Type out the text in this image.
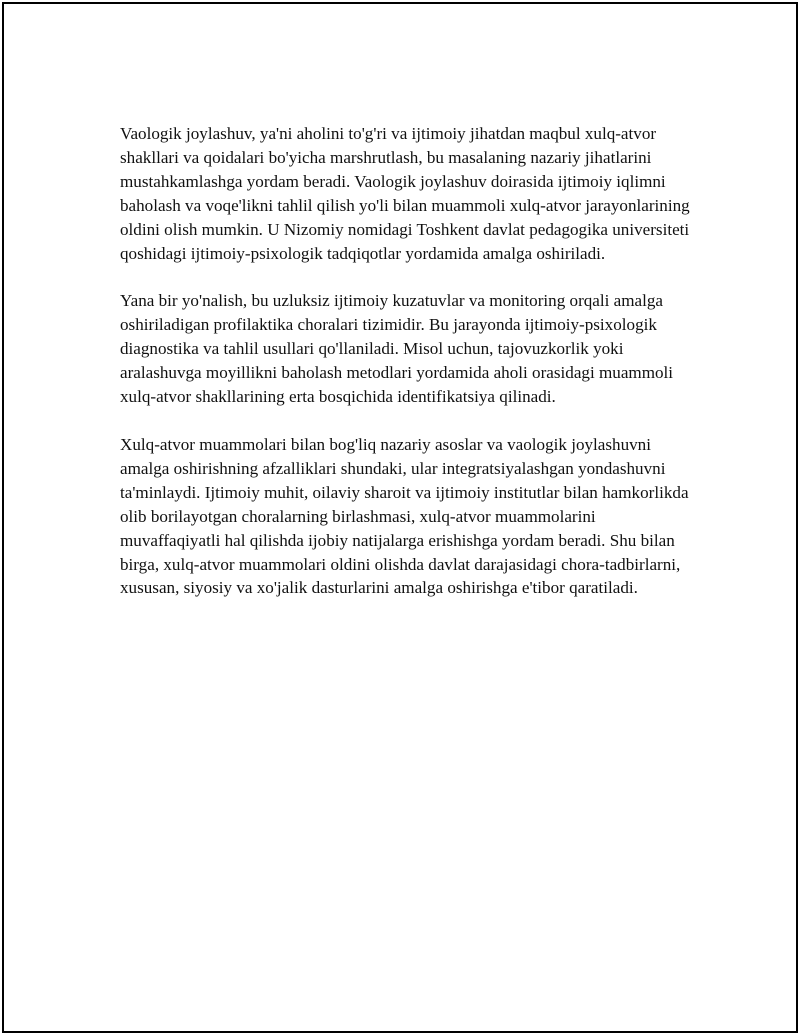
Vaologik joylashuv, ya'ni aholini to'g'ri va ijtimoiy jihatdan maqbul xulq-atvor shakllari va qoidalari bo'yicha marshrutlash, bu masalaning nazariy jihatlarini mustahkamlashga yordam beradi. Vaologik joylashuv doirasida ijtimoiy iqlimni baholash va voqe'likni tahlil qilish yo'li bilan muammoli xulq-atvor jarayonlarining oldini olish mumkin. U Nizomiy nomidagi Toshkent davlat pedagogika universiteti qoshidagi ijtimoiy-psixologik tadqiqotlar yordamida amalga oshiriladi.

Yana bir yo'nalish, bu uzluksiz ijtimoiy kuzatuvlar va monitoring orqali amalga oshiriladigan profilaktika choralari tizimidir. Bu jarayonda ijtimoiy-psixologik diagnostika va tahlil usullari qo'llaniladi. Misol uchun, tajovuzkorlik yoki aralashuvga moyillikni baholash metodlari yordamida aholi orasidagi muammoli xulq-atvor shakllarining erta bosqichida identifikatsiya qilinadi.

Xulq-atvor muammolari bilan bog'liq nazariy asoslar va vaologik joylashuvni amalga oshirishning afzalliklari shundaki, ular integratsiyalashgan yondashuvni ta'minlaydi. Ijtimoiy muhit, oilaviy sharoit va ijtimoiy institutlar bilan hamkorlikda olib borilayotgan choralarning birlashmasi, xulq-atvor muammolarini muvaffaqiyatli hal qilishda ijobiy natijalarga erishishga yordam beradi. Shu bilan birga, xulq-atvor muammolari oldini olishda davlat darajasidagi chora-tadbirlarni, xususan, siyosiy va xo'jalik dasturlarini amalga oshirishga e'tibor qaratiladi.
